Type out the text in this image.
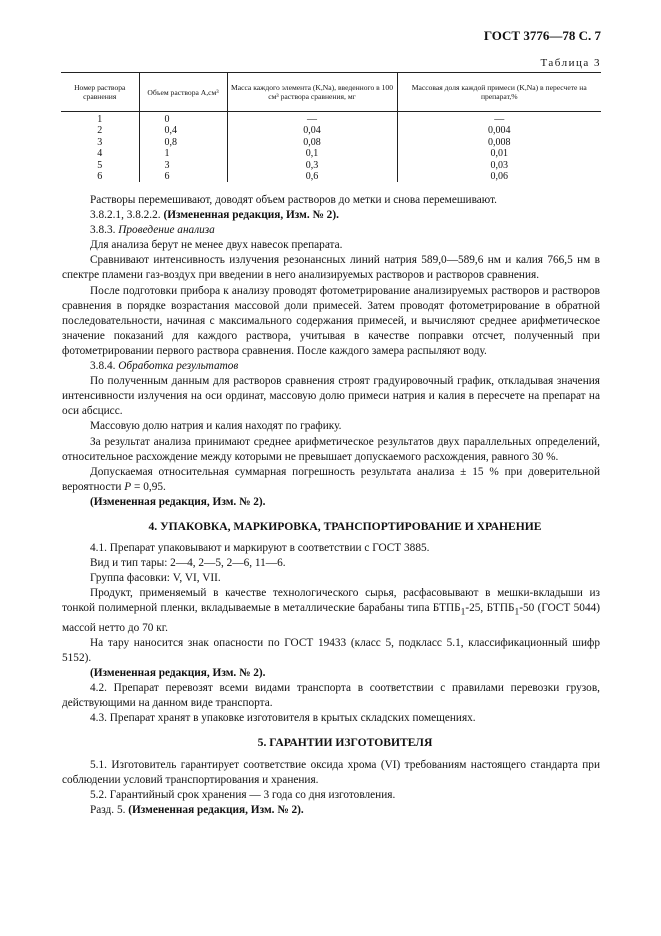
ГОСТ 3776—78 С. 7
Таблица 3
Номер раствора сравнения	Объем раствора А,см³	Масса каждого элемента (K,Na), введенного в 100 см³ раствора сравнения, мг	Массовая доля каждой примеси (K,Na) в пересчете на препарат,%
1	0	—	—
2	0,4	0,04	0,004
3	0,8	0,08	0,008
4	1	0,1	0,01
5	3	0,3	0,03
6	6	0,6	0,06

Растворы перемешивают, доводят объем растворов до метки и снова перемешивают.

3.8.2.1, 3.8.2.2. (Измененная редакция, Изм. № 2).

3.8.3. Проведение анализа

Для анализа берут не менее двух навесок препарата.

Сравнивают интенсивность излучения резонансных линий натрия 589,0—589,6 нм и калия 766,5 нм в спектре пламени газ-воздух при введении в него анализируемых растворов и растворов сравнения.

После подготовки прибора к анализу проводят фотометрирование анализируемых растворов и растворов сравнения в порядке возрастания массовой доли примесей. Затем проводят фотометрирование в обратной последовательности, начиная с максимального содержания примесей, и вычисляют среднее арифметическое значение показаний для каждого раствора, учитывая в качестве поправки отсчет, полученный при фотометрировании первого раствора сравнения. После каждого замера распыляют воду.

3.8.4. Обработка результатов

По полученным данным для растворов сравнения строят градуировочный график, откладывая значения интенсивности излучения на оси ординат, массовую долю примеси натрия и калия в пересчете на препарат на оси абсцисс.

Массовую долю натрия и калия находят по графику.

За результат анализа принимают среднее арифметическое результатов двух параллельных определений, относительное расхождение между которыми не превышает допускаемого расхождения, равного 30 %.

Допускаемая относительная суммарная погрешность результата анализа ± 15 % при доверительной вероятности P = 0,95.

(Измененная редакция, Изм. № 2).

4. УПАКОВКА, МАРКИРОВКА, ТРАНСПОРТИРОВАНИЕ И ХРАНЕНИЕ

4.1. Препарат упаковывают и маркируют в соответствии с ГОСТ 3885.

Вид и тип тары: 2—4, 2—5, 2—6, 11—6.

Группа фасовки: V, VI, VII.

Продукт, применяемый в качестве технологического сырья, расфасовывают в мешки-вкладыши из тонкой полимерной пленки, вкладываемые в металлические барабаны типа $БТПБ_1-25$, $БТПБ_1-50$ (ГОСТ 5044) массой нетто до 70 кг.

На тару наносится знак опасности по ГОСТ 19433 (класс 5, подкласс 5.1, классификационный шифр 5152).

(Измененная редакция, Изм. № 2).

4.2. Препарат перевозят всеми видами транспорта в соответствии с правилами перевозки грузов, действующими на данном виде транспорта.

4.3. Препарат хранят в упаковке изготовителя в крытых складских помещениях.

5. ГАРАНТИИ ИЗГОТОВИТЕЛЯ

5.1. Изготовитель гарантирует соответствие оксида хрома (VI) требованиям настоящего стандарта при соблюдении условий транспортирования и хранения.

5.2. Гарантийный срок хранения — 3 года со дня изготовления.

Разд. 5. (Измененная редакция, Изм. № 2).
